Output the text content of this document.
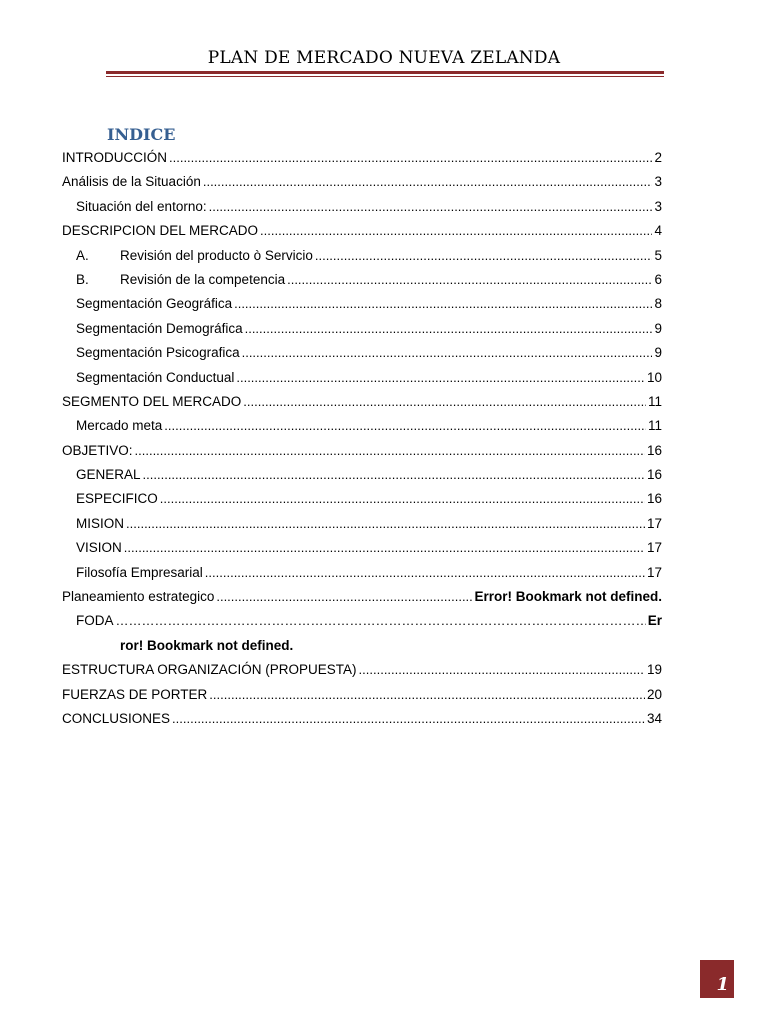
PLAN DE MERCADO NUEVA ZELANDA
INDICE
INTRODUCCIÓN .....	2
Análisis de la Situación .....	3
Situación del entorno: .....	3
DESCRIPCION DEL MERCADO .....	4
A. Revisión del producto ò Servicio .....	5
B. Revisión de la competencia .....	6
Segmentación Geográfica .....	8
Segmentación Demográfica .....	9
Segmentación Psicografica .....	9
Segmentación Conductual .....	10
SEGMENTO DEL MERCADO .....	11
Mercado meta .....	11
OBJETIVO: .....	16
GENERAL .....	16
ESPECIFICO .....	16
MISION .....	17
VISION .....	17
Filosofía Empresarial .....	17
Planeamiento estrategico .....	Error! Bookmark not defined.
FODA ………………………………………………………………………………………………………………………………………………………	Er
ror! Bookmark not defined.
ESTRUCTURA ORGANIZACIÓN (PROPUESTA) .....	19
FUERZAS DE PORTER .....	20
CONCLUSIONES .....	34
1
